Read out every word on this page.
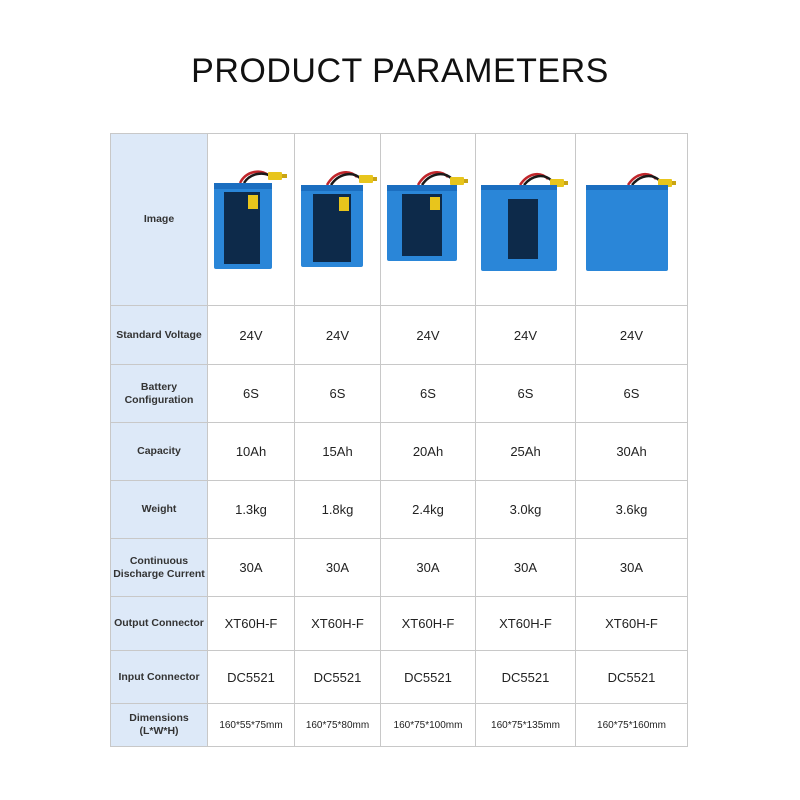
PRODUCT PARAMETERS
Image	

Standard Voltage	24V	24V	24V	24V	24V
Battery Configuration	6S	6S	6S	6S	6S
Capacity	10Ah	15Ah	20Ah	25Ah	30Ah
Weight	1.3kg	1.8kg	2.4kg	3.0kg	3.6kg
Continuous
Discharge Current	30A	30A	30A	30A	30A
Output Connector	XT60H-F	XT60H-F	XT60H-F	XT60H-F	XT60H-F
Input Connector	DC5521	DC5521	DC5521	DC5521	DC5521
Dimensions (L*W*H)	160*55*75mm	160*75*80mm	160*75*100mm	160*75*135mm	160*75*160mm
